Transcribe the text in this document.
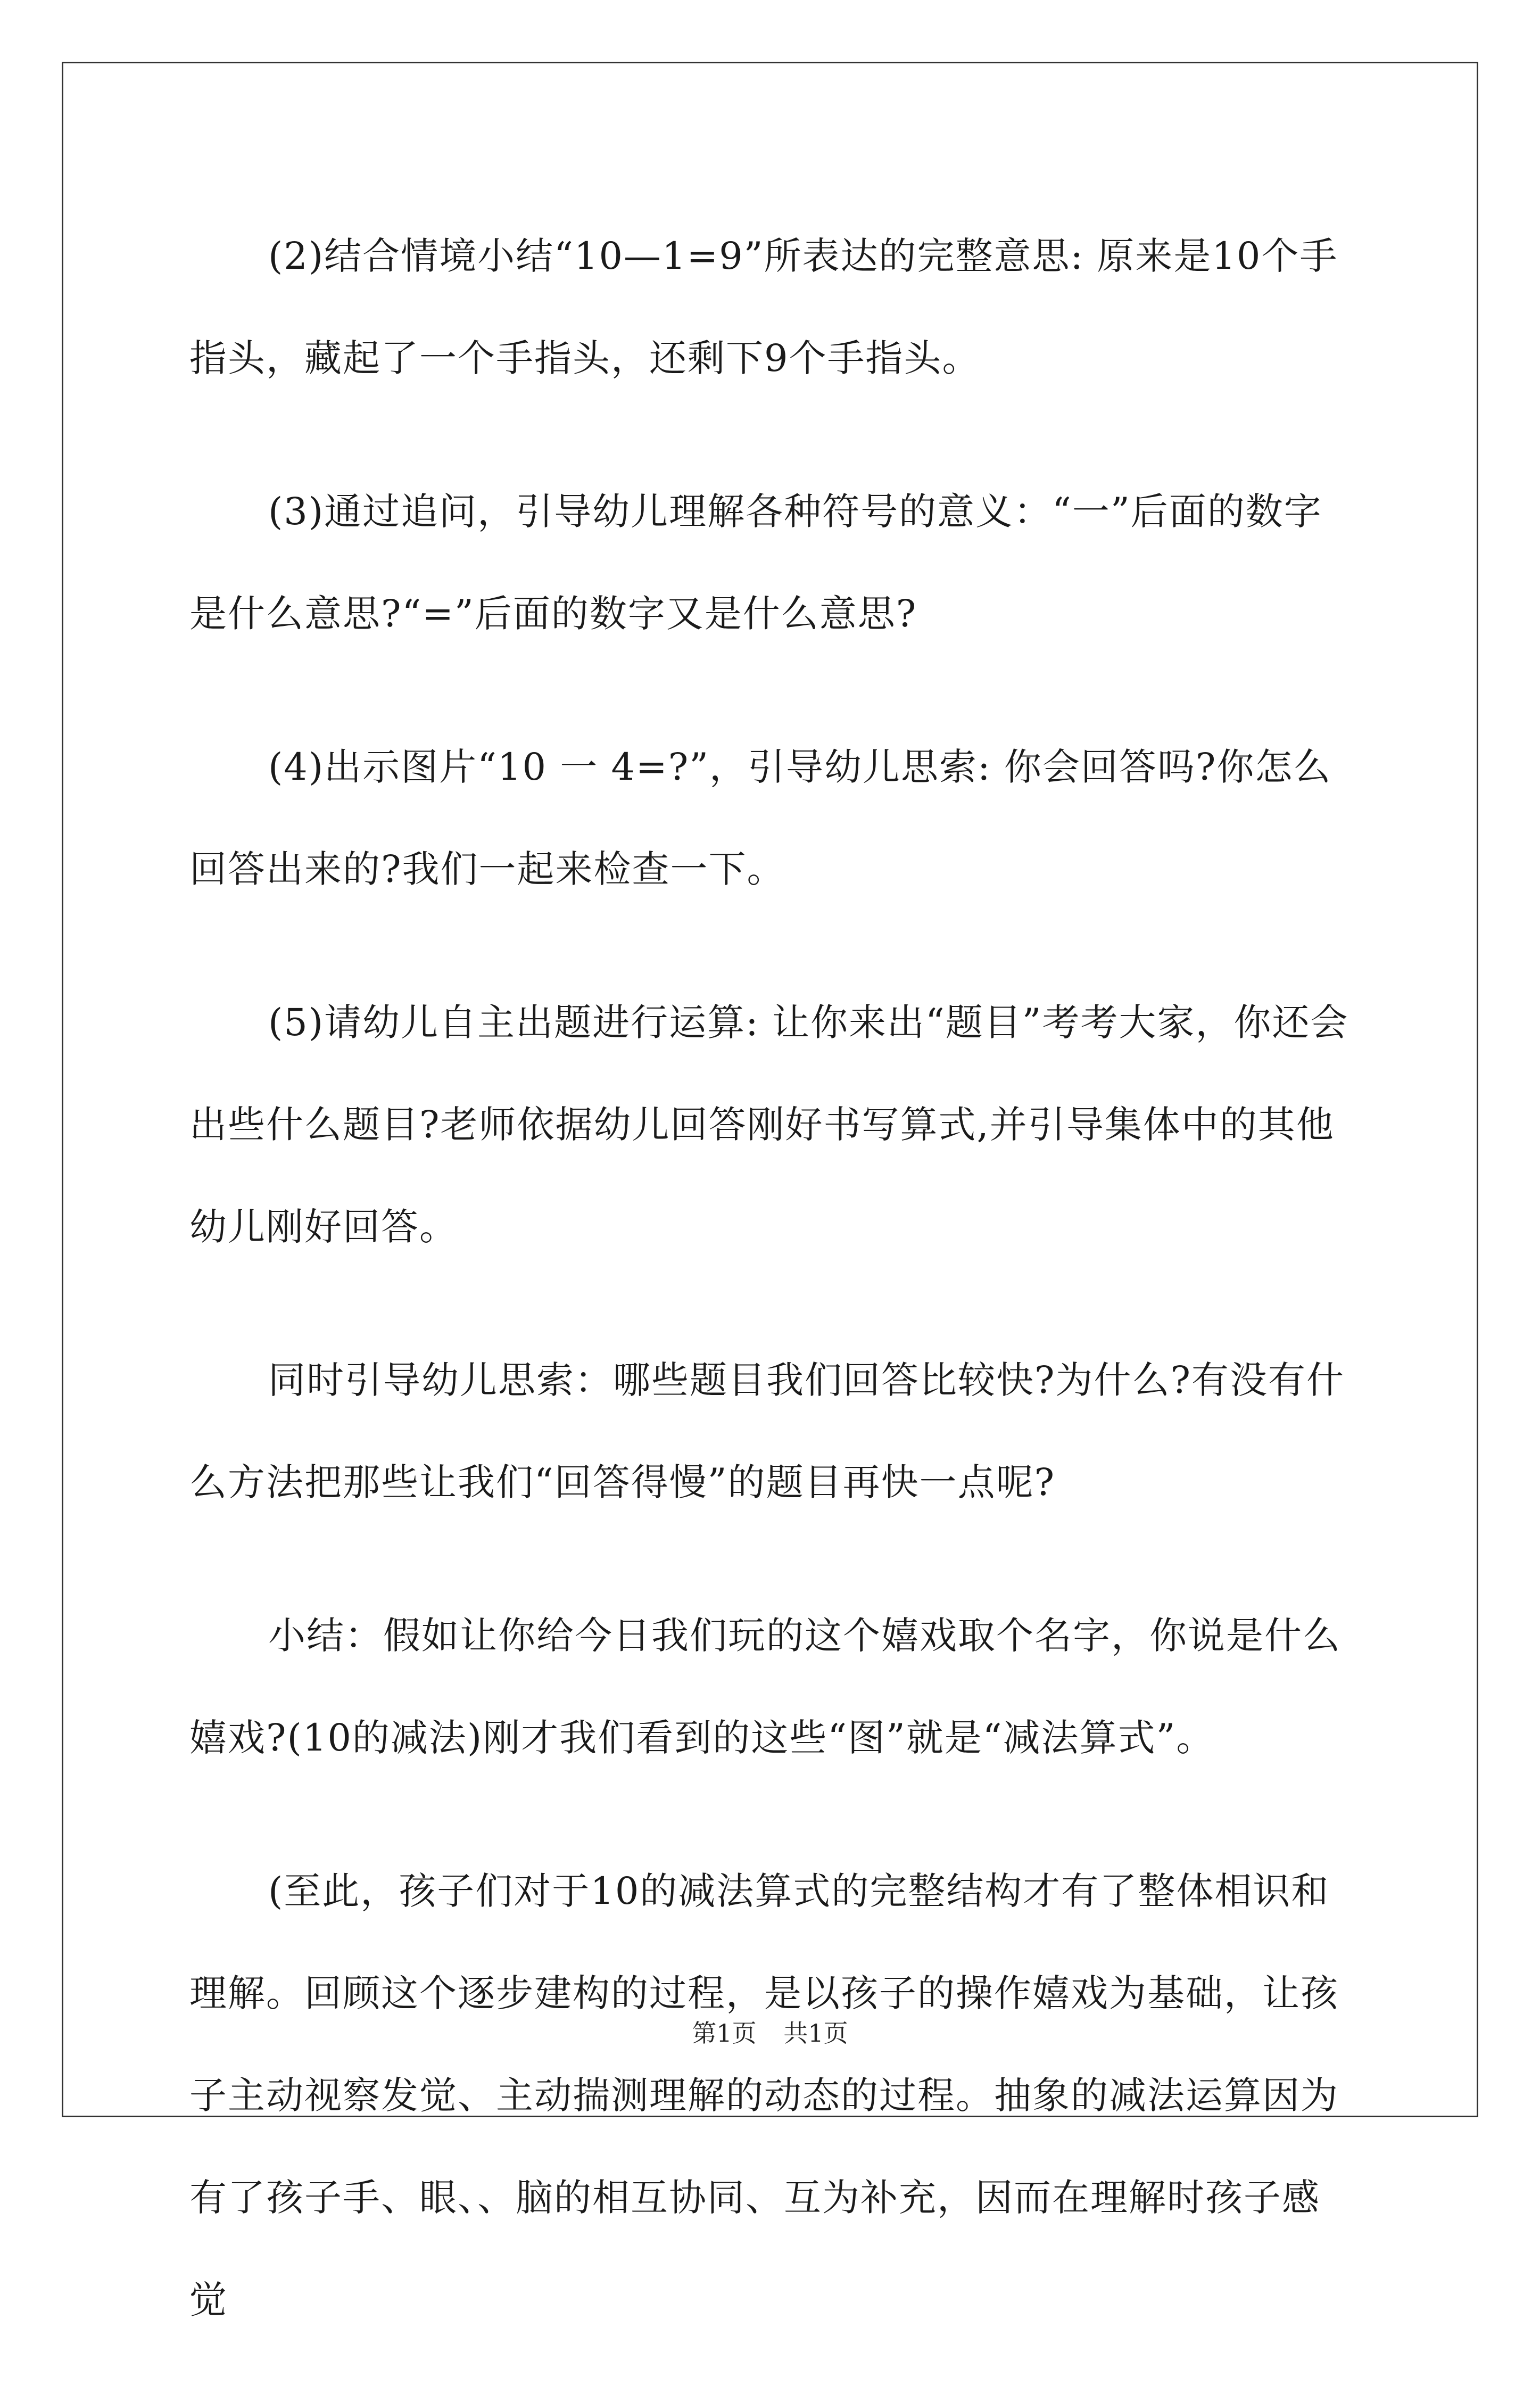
(2)结合情境小结“10—1=9”所表达的完整意思: 原来是10个手指头，藏起了一个手指头，还剩下9个手指头。

(3)通过追问，引导幼儿理解各种符号的意义：“一”后面的数字是什么意思?“=”后面的数字又是什么意思?

(4)出示图片“10 一 4=?”，引导幼儿思索: 你会回答吗?你怎么回答出来的?我们一起来检查一下。

(5)请幼儿自主出题进行运算: 让你来出“题目”考考大家，你还会出些什么题目?老师依据幼儿回答刚好书写算式,并引导集体中的其他幼儿刚好回答。

同时引导幼儿思索：哪些题目我们回答比较快?为什么?有没有什么方法把那些让我们“回答得慢”的题目再快一点呢?

小结：假如让你给今日我们玩的这个嬉戏取个名字，你说是什么嬉戏?(10的减法)刚才我们看到的这些“图”就是“减法算式”。

(至此，孩子们对于10的减法算式的完整结构才有了整体相识和理解。回顾这个逐步建构的过程，是以孩子的操作嬉戏为基础，让孩子主动视察发觉、主动揣测理解的动态的过程。抽象的减法运算因为有了孩子手、眼、、脑的相互协同、互为补充，因而在理解时孩子感觉

第1页 共1页
